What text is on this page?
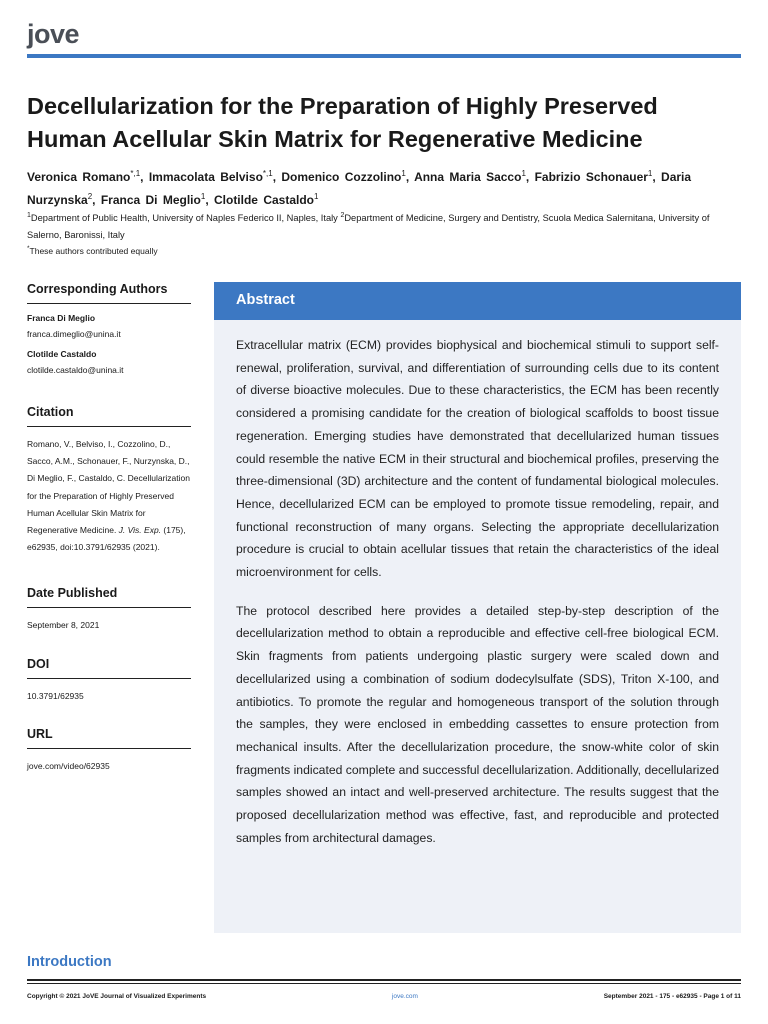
jove
Decellularization for the Preparation of Highly Preserved Human Acellular Skin Matrix for Regenerative Medicine
Veronica Romano$^{*,1}$, Immacolata Belviso$^{*,1}$, Domenico Cozzolino$^1$, Anna Maria Sacco$^1$, Fabrizio Schonauer$^1$, Daria Nurzynska$^2$, Franca Di Meglio$^1$, Clotilde Castaldo$^1$
$^1$Department of Public Health, University of Naples Federico II, Naples, Italy $^2$Department of Medicine, Surgery and Dentistry, Scuola Medica Salernitana, University of Salerno, Baronissi, Italy
*These authors contributed equally
Corresponding Authors
Franca Di Meglio
franca.dimeglio@unina.it
Clotilde Castaldo
clotilde.castaldo@unina.it
Citation
Romano, V., Belviso, I., Cozzolino, D., Sacco, A.M., Schonauer, F., Nurzynska, D., Di Meglio, F., Castaldo, C. Decellularization for the Preparation of Highly Preserved Human Acellular Skin Matrix for Regenerative Medicine. J. Vis. Exp. (175), e62935, doi:10.3791/62935 (2021).
Date Published
September 8, 2021
DOI
10.3791/62935
URL
jove.com/video/62935
Abstract

Extracellular matrix (ECM) provides biophysical and biochemical stimuli to support self-renewal, proliferation, survival, and differentiation of surrounding cells due to its content of diverse bioactive molecules. Due to these characteristics, the ECM has been recently considered a promising candidate for the creation of biological scaffolds to boost tissue regeneration. Emerging studies have demonstrated that decellularized human tissues could resemble the native ECM in their structural and biochemical profiles, preserving the three-dimensional (3D) architecture and the content of fundamental biological molecules. Hence, decellularized ECM can be employed to promote tissue remodeling, repair, and functional reconstruction of many organs. Selecting the appropriate decellularization procedure is crucial to obtain acellular tissues that retain the characteristics of the ideal microenvironment for cells.

The protocol described here provides a detailed step-by-step description of the decellularization method to obtain a reproducible and effective cell-free biological ECM. Skin fragments from patients undergoing plastic surgery were scaled down and decellularized using a combination of sodium dodecylsulfate (SDS), Triton X-100, and antibiotics. To promote the regular and homogeneous transport of the solution through the samples, they were enclosed in embedding cassettes to ensure protection from mechanical insults. After the decellularization procedure, the snow-white color of skin fragments indicated complete and successful decellularization. Additionally, decellularized samples showed an intact and well-preserved architecture. The results suggest that the proposed decellularization method was effective, fast, and reproducible and protected samples from architectural damages.

Introduction
Copyright © 2021 JoVE Journal of Visualized Experiments	jove.com	September 2021 - 175 - e62935 - Page 1 of 11
